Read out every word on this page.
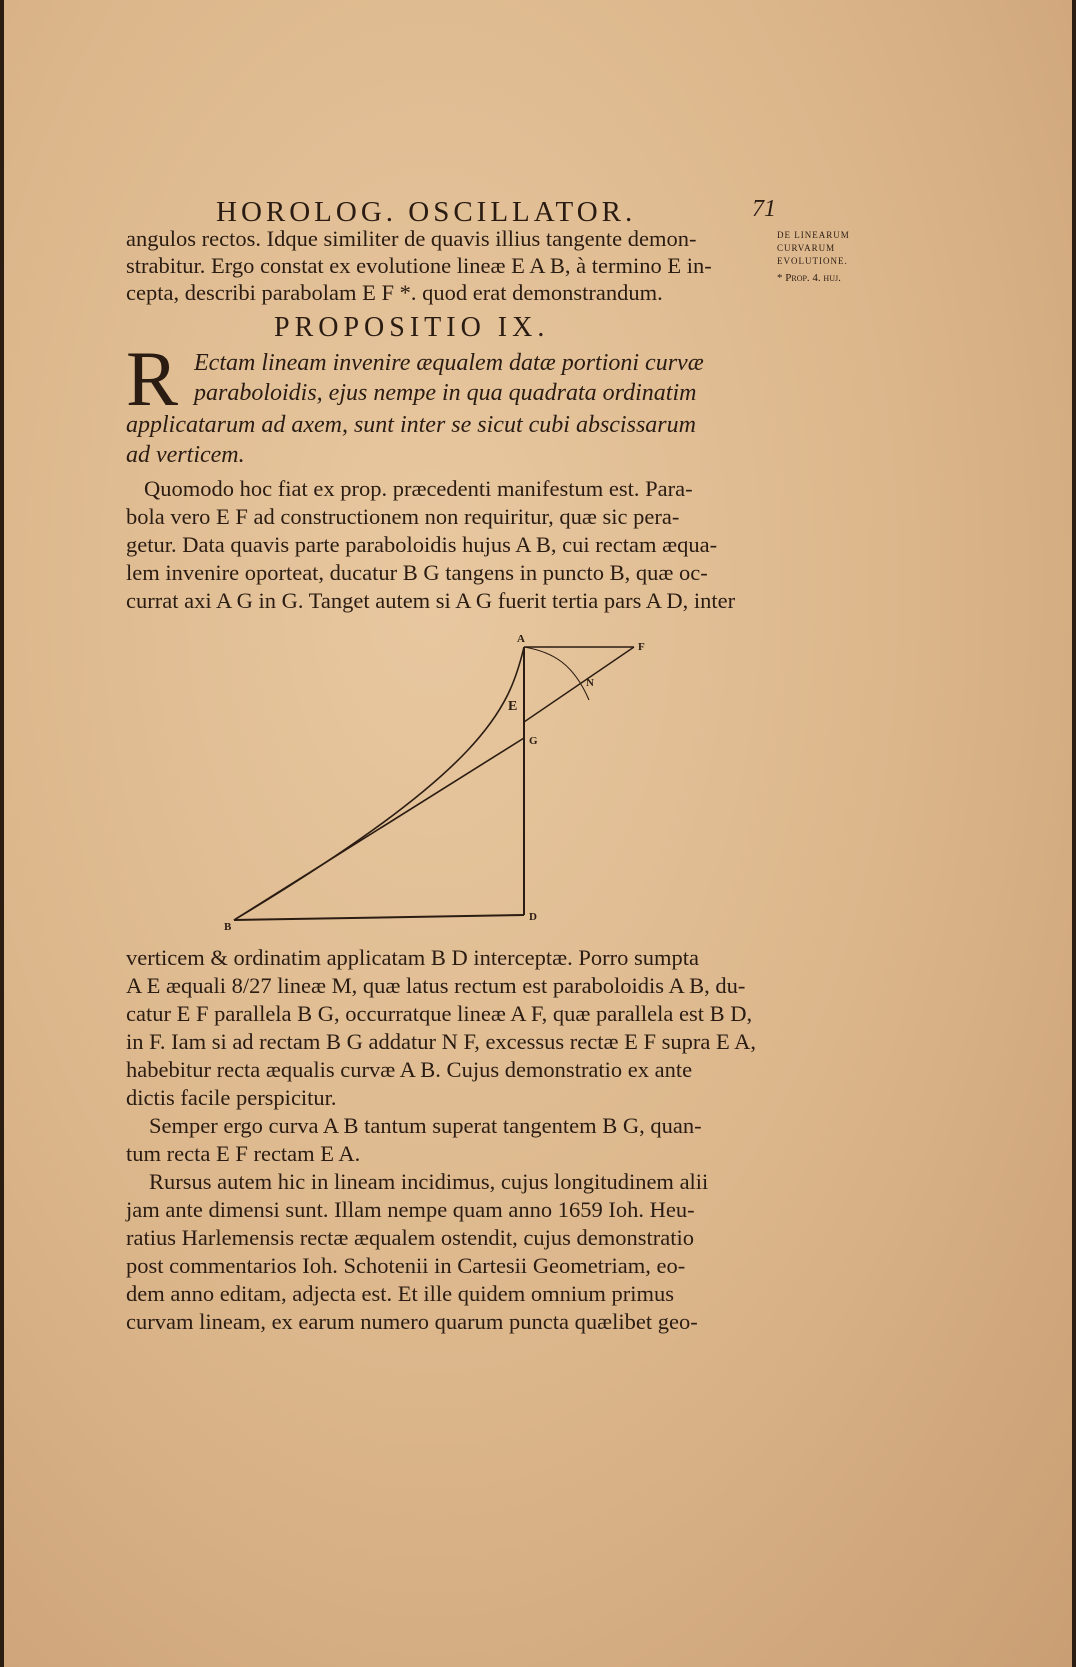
HOROLOG. OSCILLATOR.	71
DE LINEARUM
CURVARUM
EVOLUTIONE.
* Prop. 4. huj.
angulos rectos. Idque similiter de quavis illius tangente demon-
strabitur. Ergo constat ex evolutione lineæ E A B, à termino E in-
cepta, describi parabolam E F *. quod erat demonstrandum.
PROPOSITIO IX.
R Ectam lineam invenire æqualem datæ portioni curvæ
paraboloidis, ejus nempe in qua quadrata ordinatim
applicatarum ad axem, sunt inter se sicut cubi abscissarum
ad verticem.
Quomodo hoc fiat ex prop. præcedenti manifestum est. Para-
bola vero E F ad constructionem non requiritur, quæ sic pera-
getur. Data quavis parte paraboloidis hujus A B, cui rectam æqua-
lem invenire oporteat, ducatur B G tangens in puncto B, quæ oc-
currat axi A G in G. Tanget autem si A G fuerit tertia pars A D, inter
A
F
N
E
G
B
D
verticem & ordinatim applicatam B D interceptæ. Porro sumpta
A E æquali 8/27 lineæ M, quæ latus rectum est paraboloidis A B, du-
catur E F parallela B G, occurratque lineæ A F, quæ parallela est B D,
in F. Iam si ad rectam B G addatur N F, excessus rectæ E F supra E A,
habebitur recta æqualis curvæ A B. Cujus demonstratio ex ante
dictis facile perspicitur.
Semper ergo curva A B tantum superat tangentem B G, quan-
tum recta E F rectam E A.
Rursus autem hic in lineam incidimus, cujus longitudinem alii
jam ante dimensi sunt. Illam nempe quam anno 1659 Ioh. Heu-
ratius Harlemensis rectæ æqualem ostendit, cujus demonstratio
post commentarios Ioh. Schotenii in Cartesii Geometriam, eo-
dem anno editam, adjecta est. Et ille quidem omnium primus
curvam lineam, ex earum numero quarum puncta quælibet geo-
